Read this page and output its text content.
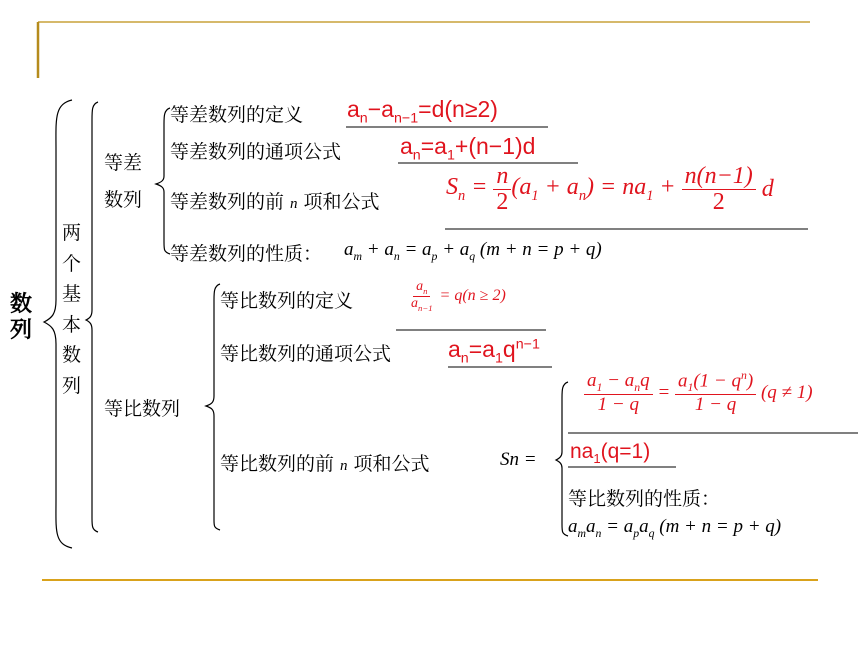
数列
两个基本数列
等差
数列
等差数列的定义 $a_n-a_{n-1}=d(n\ge 2)$
等差数列的通项公式	$a_n=a_1+(n-1)d$
等差数列的前 n 项和公式
$S_n = \frac{n}{2} (a_1 + a_n) = na_1 + \frac{n(n-1)}{2}$ d
等差数列的性质： $a_m + a_n = a_p + a_q$ (m + n = p + q)
等比数列
等比数列的定义	$\frac{a_n}{a_{n-1}} = q(n \ge 2)$
等比数列的通项公式 $a_n=a_1q^{n-1}$
等比数列的前 n 项和公式	Sn =
$\frac{a_1 - a_nq}{1 - q} = \frac{a_1(1 - q^n)}{1 - q} (q \ne 1)$
$na_1(q=1)$
等比数列的性质：
$a_ma_n = a_pa_q$ (m + n = p + q)
